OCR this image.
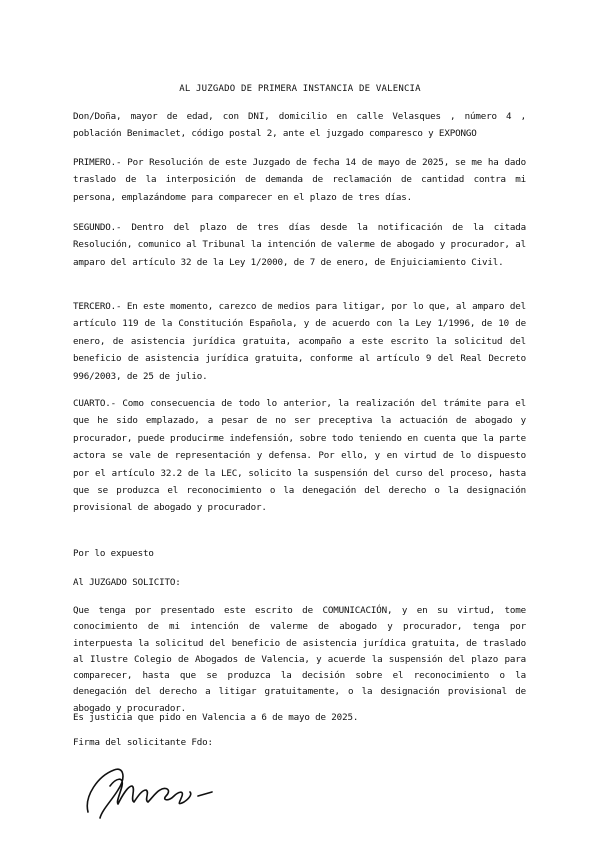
AL JUZGADO DE PRIMERA INSTANCIA DE VALENCIA

Don/Doña, mayor de edad, con DNI, domicilio en calle Velasques , número 4 , población Benimaclet, código postal 2, ante el juzgado comparesco y EXPONGO

PRIMERO.- Por Resolución de este Juzgado de fecha 14 de mayo de 2025, se me ha dado traslado de la interposición de demanda de reclamación de cantidad contra mi persona, emplazándome para comparecer en el plazo de tres días.

SEGUNDO.- Dentro del plazo de tres días desde la notificación de la citada Resolución, comunico al Tribunal la intención de valerme de abogado y procurador, al amparo del artículo 32 de la Ley 1/2000, de 7 de enero, de Enjuiciamiento Civil.

TERCERO.- En este momento, carezco de medios para litigar, por lo que, al amparo del artículo 119 de la Constitución Española, y de acuerdo con la Ley 1/1996, de 10 de enero, de asistencia jurídica gratuita, acompaño a este escrito la solicitud del beneficio de asistencia jurídica gratuita, conforme al artículo 9 del Real Decreto 996/2003, de 25 de julio.

CUARTO.- Como consecuencia de todo lo anterior, la realización del trámite para el que he sido emplazado, a pesar de no ser preceptiva la actuación de abogado y procurador, puede producirme indefensión, sobre todo teniendo en cuenta que la parte actora se vale de representación y defensa. Por ello, y en virtud de lo dispuesto por el artículo 32.2 de la LEC, solicito la suspensión del curso del proceso, hasta que se produzca el reconocimiento o la denegación del derecho o la designación provisional de abogado y procurador.

Por lo expuesto

Al JUZGADO SOLICITO:

Que tenga por presentado este escrito de COMUNICACIÓN, y en su virtud, tome conocimiento de mi intención de valerme de abogado y procurador, tenga por interpuesta la solicitud del beneficio de asistencia jurídica gratuita, de traslado al Ilustre Colegio de Abogados de Valencia, y acuerde la suspensión del plazo para comparecer, hasta que se produzca la decisión sobre el reconocimiento o la denegación del derecho a litigar gratuitamente, o la designación provisional de abogado y procurador.

Es justicia que pido en Valencia a 6 de mayo de 2025.

Firma del solicitante Fdo:
